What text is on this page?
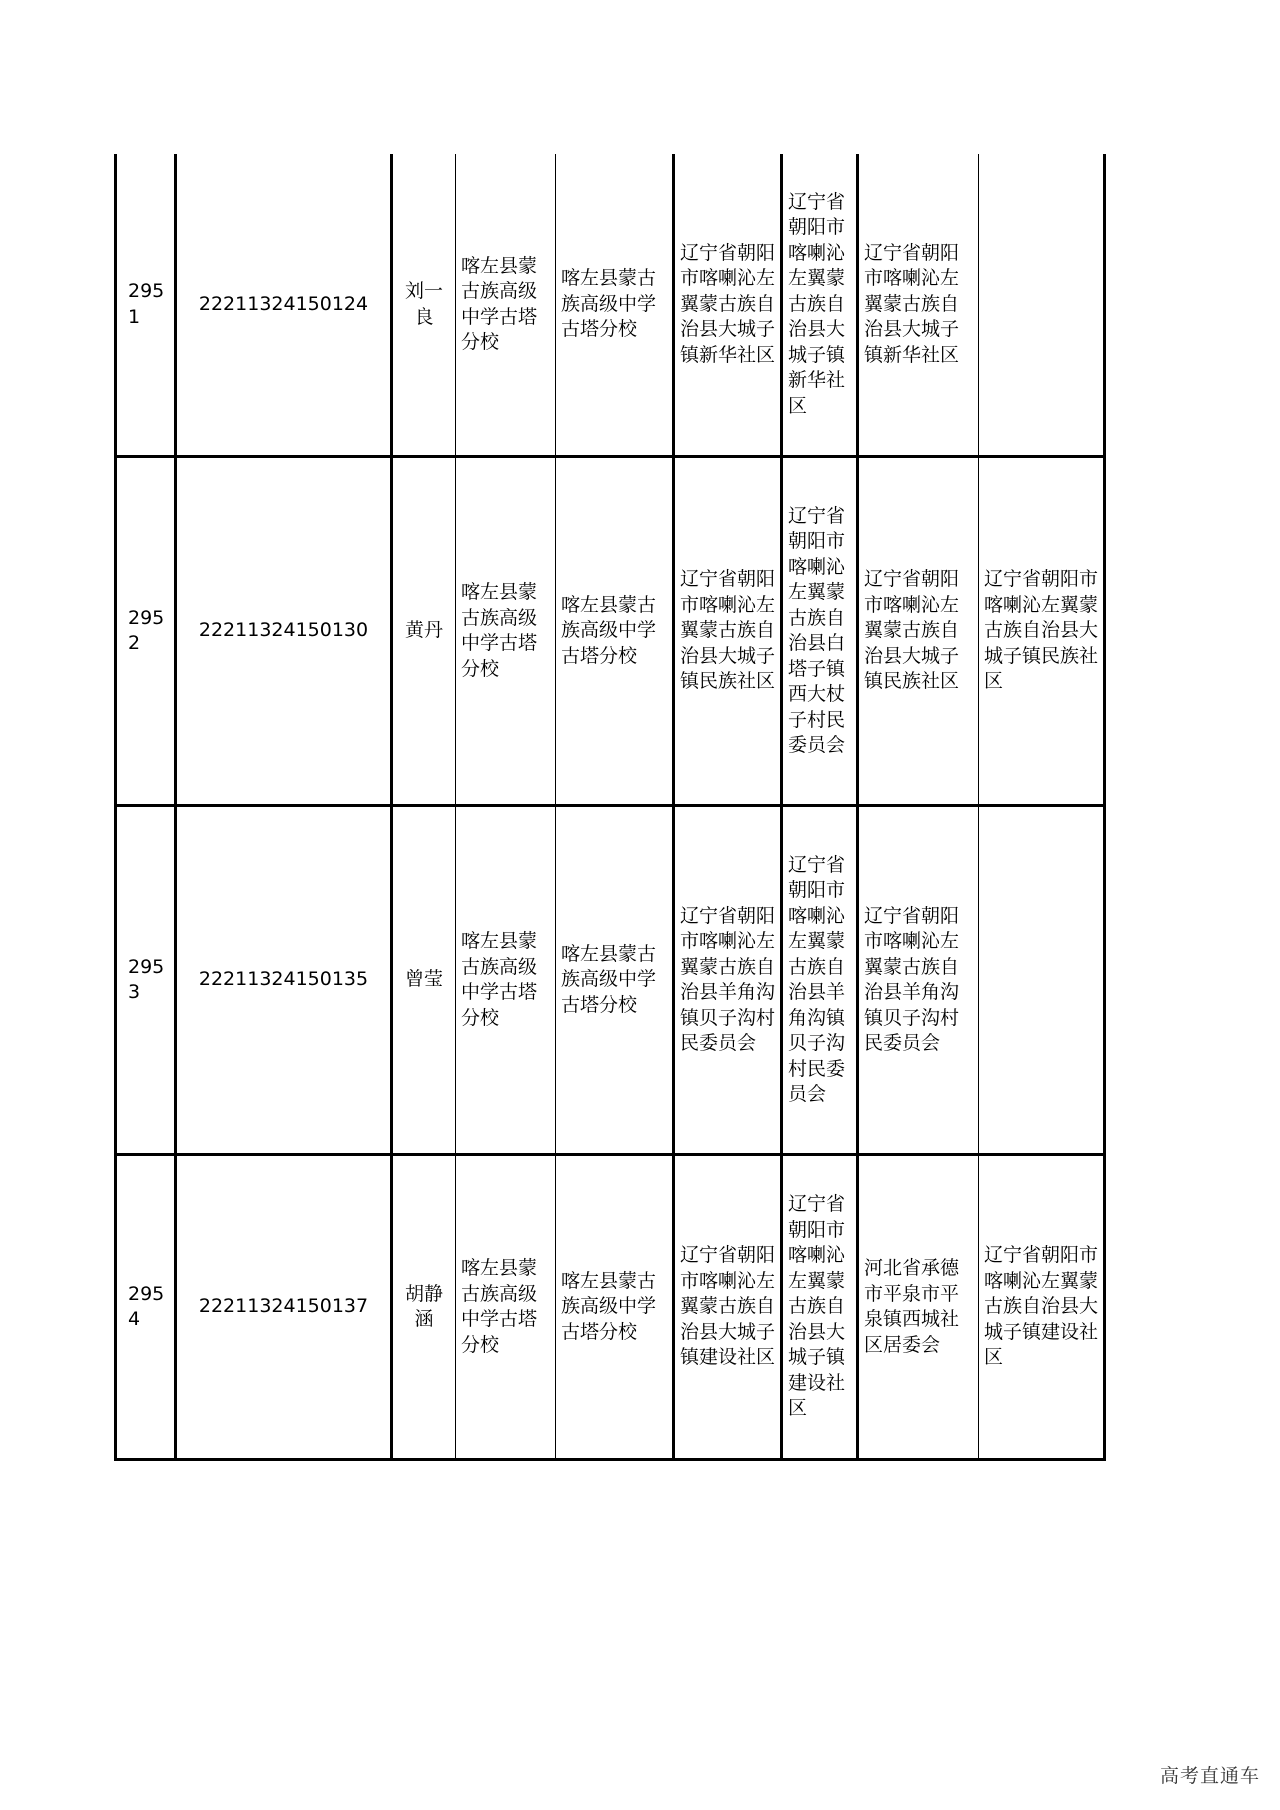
2951	22211324150124	刘一良	喀左县蒙古族高级中学古塔分校	喀左县蒙古族高级中学古塔分校	辽宁省朝阳市喀喇沁左翼蒙古族自治县大城子镇新华社区	辽宁省朝阳市喀喇沁左翼蒙古族自治县大城子镇新华社区	辽宁省朝阳市喀喇沁左翼蒙古族自治县大城子镇新华社区	
2952	22211324150130	黄丹	喀左县蒙古族高级中学古塔分校	喀左县蒙古族高级中学古塔分校	辽宁省朝阳市喀喇沁左翼蒙古族自治县大城子镇民族社区	辽宁省朝阳市喀喇沁左翼蒙古族自治县白塔子镇西大杖子村民委员会	辽宁省朝阳市喀喇沁左翼蒙古族自治县大城子镇民族社区	辽宁省朝阳市喀喇沁左翼蒙古族自治县大城子镇民族社区
2953	22211324150135	曾莹	喀左县蒙古族高级中学古塔分校	喀左县蒙古族高级中学古塔分校	辽宁省朝阳市喀喇沁左翼蒙古族自治县羊角沟镇贝子沟村民委员会	辽宁省朝阳市喀喇沁左翼蒙古族自治县羊角沟镇贝子沟村民委员会	辽宁省朝阳市喀喇沁左翼蒙古族自治县羊角沟镇贝子沟村民委员会	
2954	22211324150137	胡静涵	喀左县蒙古族高级中学古塔分校	喀左县蒙古族高级中学古塔分校	辽宁省朝阳市喀喇沁左翼蒙古族自治县大城子镇建设社区	辽宁省朝阳市喀喇沁左翼蒙古族自治县大城子镇建设社区	河北省承德市平泉市平泉镇西城社区居委会	辽宁省朝阳市喀喇沁左翼蒙古族自治县大城子镇建设社区
高考直通车
